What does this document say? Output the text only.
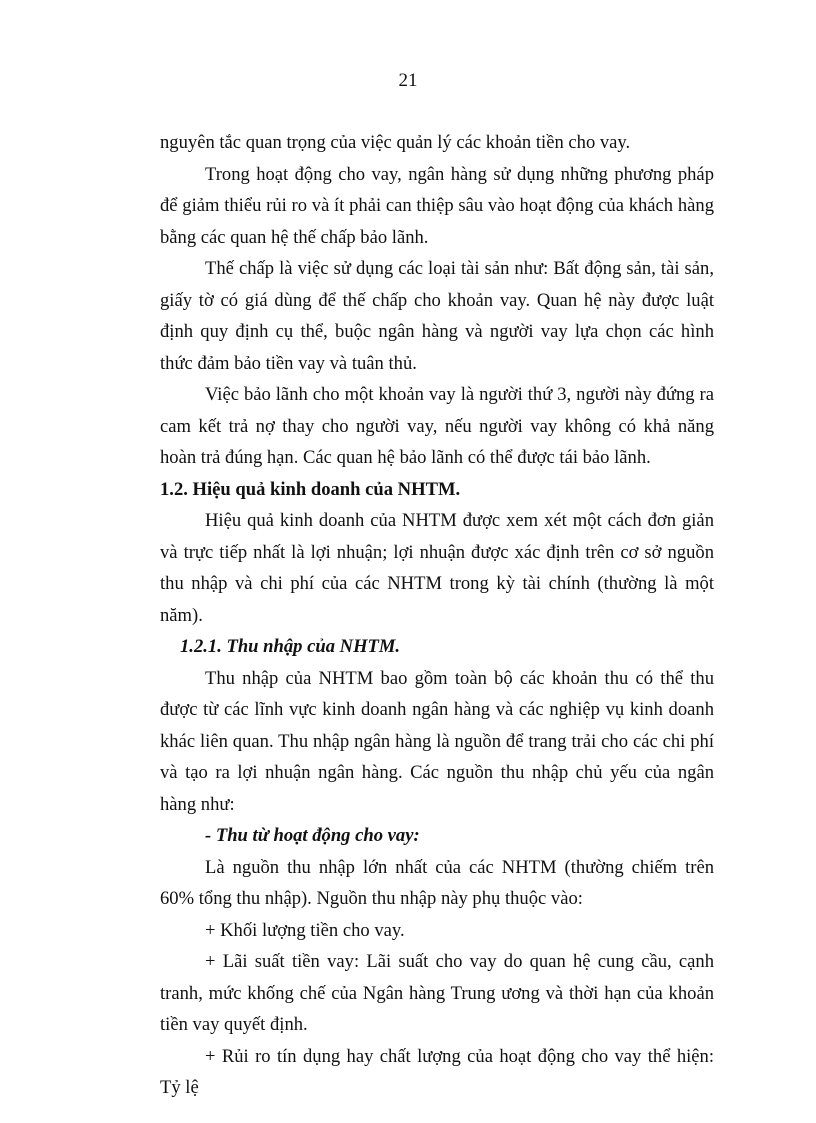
21

nguyên tắc quan trọng của việc quản lý các khoản tiền cho vay.

Trong hoạt động cho vay, ngân hàng sử dụng những phương pháp để giảm thiểu rủi ro và ít phải can thiệp sâu vào hoạt động của khách hàng bằng các quan hệ thế chấp bảo lãnh.

Thế chấp là việc sử dụng các loại tài sản như: Bất động sản, tài sản, giấy tờ có giá dùng để thế chấp cho khoản vay. Quan hệ này được luật định quy định cụ thể, buộc ngân hàng và người vay lựa chọn các hình thức đảm bảo tiền vay và tuân thủ.

Việc bảo lãnh cho một khoản vay là người thứ 3, người này đứng ra cam kết trả nợ thay cho người vay, nếu người vay không có khả năng hoàn trả đúng hạn. Các quan hệ bảo lãnh có thể được tái bảo lãnh.

1.2. Hiệu quả kinh doanh của NHTM.

Hiệu quả kinh doanh của NHTM được xem xét một cách đơn giản và trực tiếp nhất là lợi nhuận; lợi nhuận được xác định trên cơ sở nguồn thu nhập và chi phí của các NHTM trong kỳ tài chính (thường là một năm).

1.2.1. Thu nhập của NHTM.

Thu nhập của NHTM bao gồm toàn bộ các khoản thu có thể thu được từ các lĩnh vực kinh doanh ngân hàng và các nghiệp vụ kinh doanh khác liên quan. Thu nhập ngân hàng là nguồn để trang trải cho các chi phí và tạo ra lợi nhuận ngân hàng. Các nguồn thu nhập chủ yếu của ngân hàng như:

- Thu từ hoạt động cho vay:

Là nguồn thu nhập lớn nhất của các NHTM (thường chiếm trên 60% tổng thu nhập). Nguồn thu nhập này phụ thuộc vào:

+ Khối lượng tiền cho vay.

+ Lãi suất tiền vay: Lãi suất cho vay do quan hệ cung cầu, cạnh tranh, mức khống chế của Ngân hàng Trung ương và thời hạn của khoản tiền vay quyết định.

+ Rủi ro tín dụng hay chất lượng của hoạt động cho vay thể hiện: Tỷ lệ
